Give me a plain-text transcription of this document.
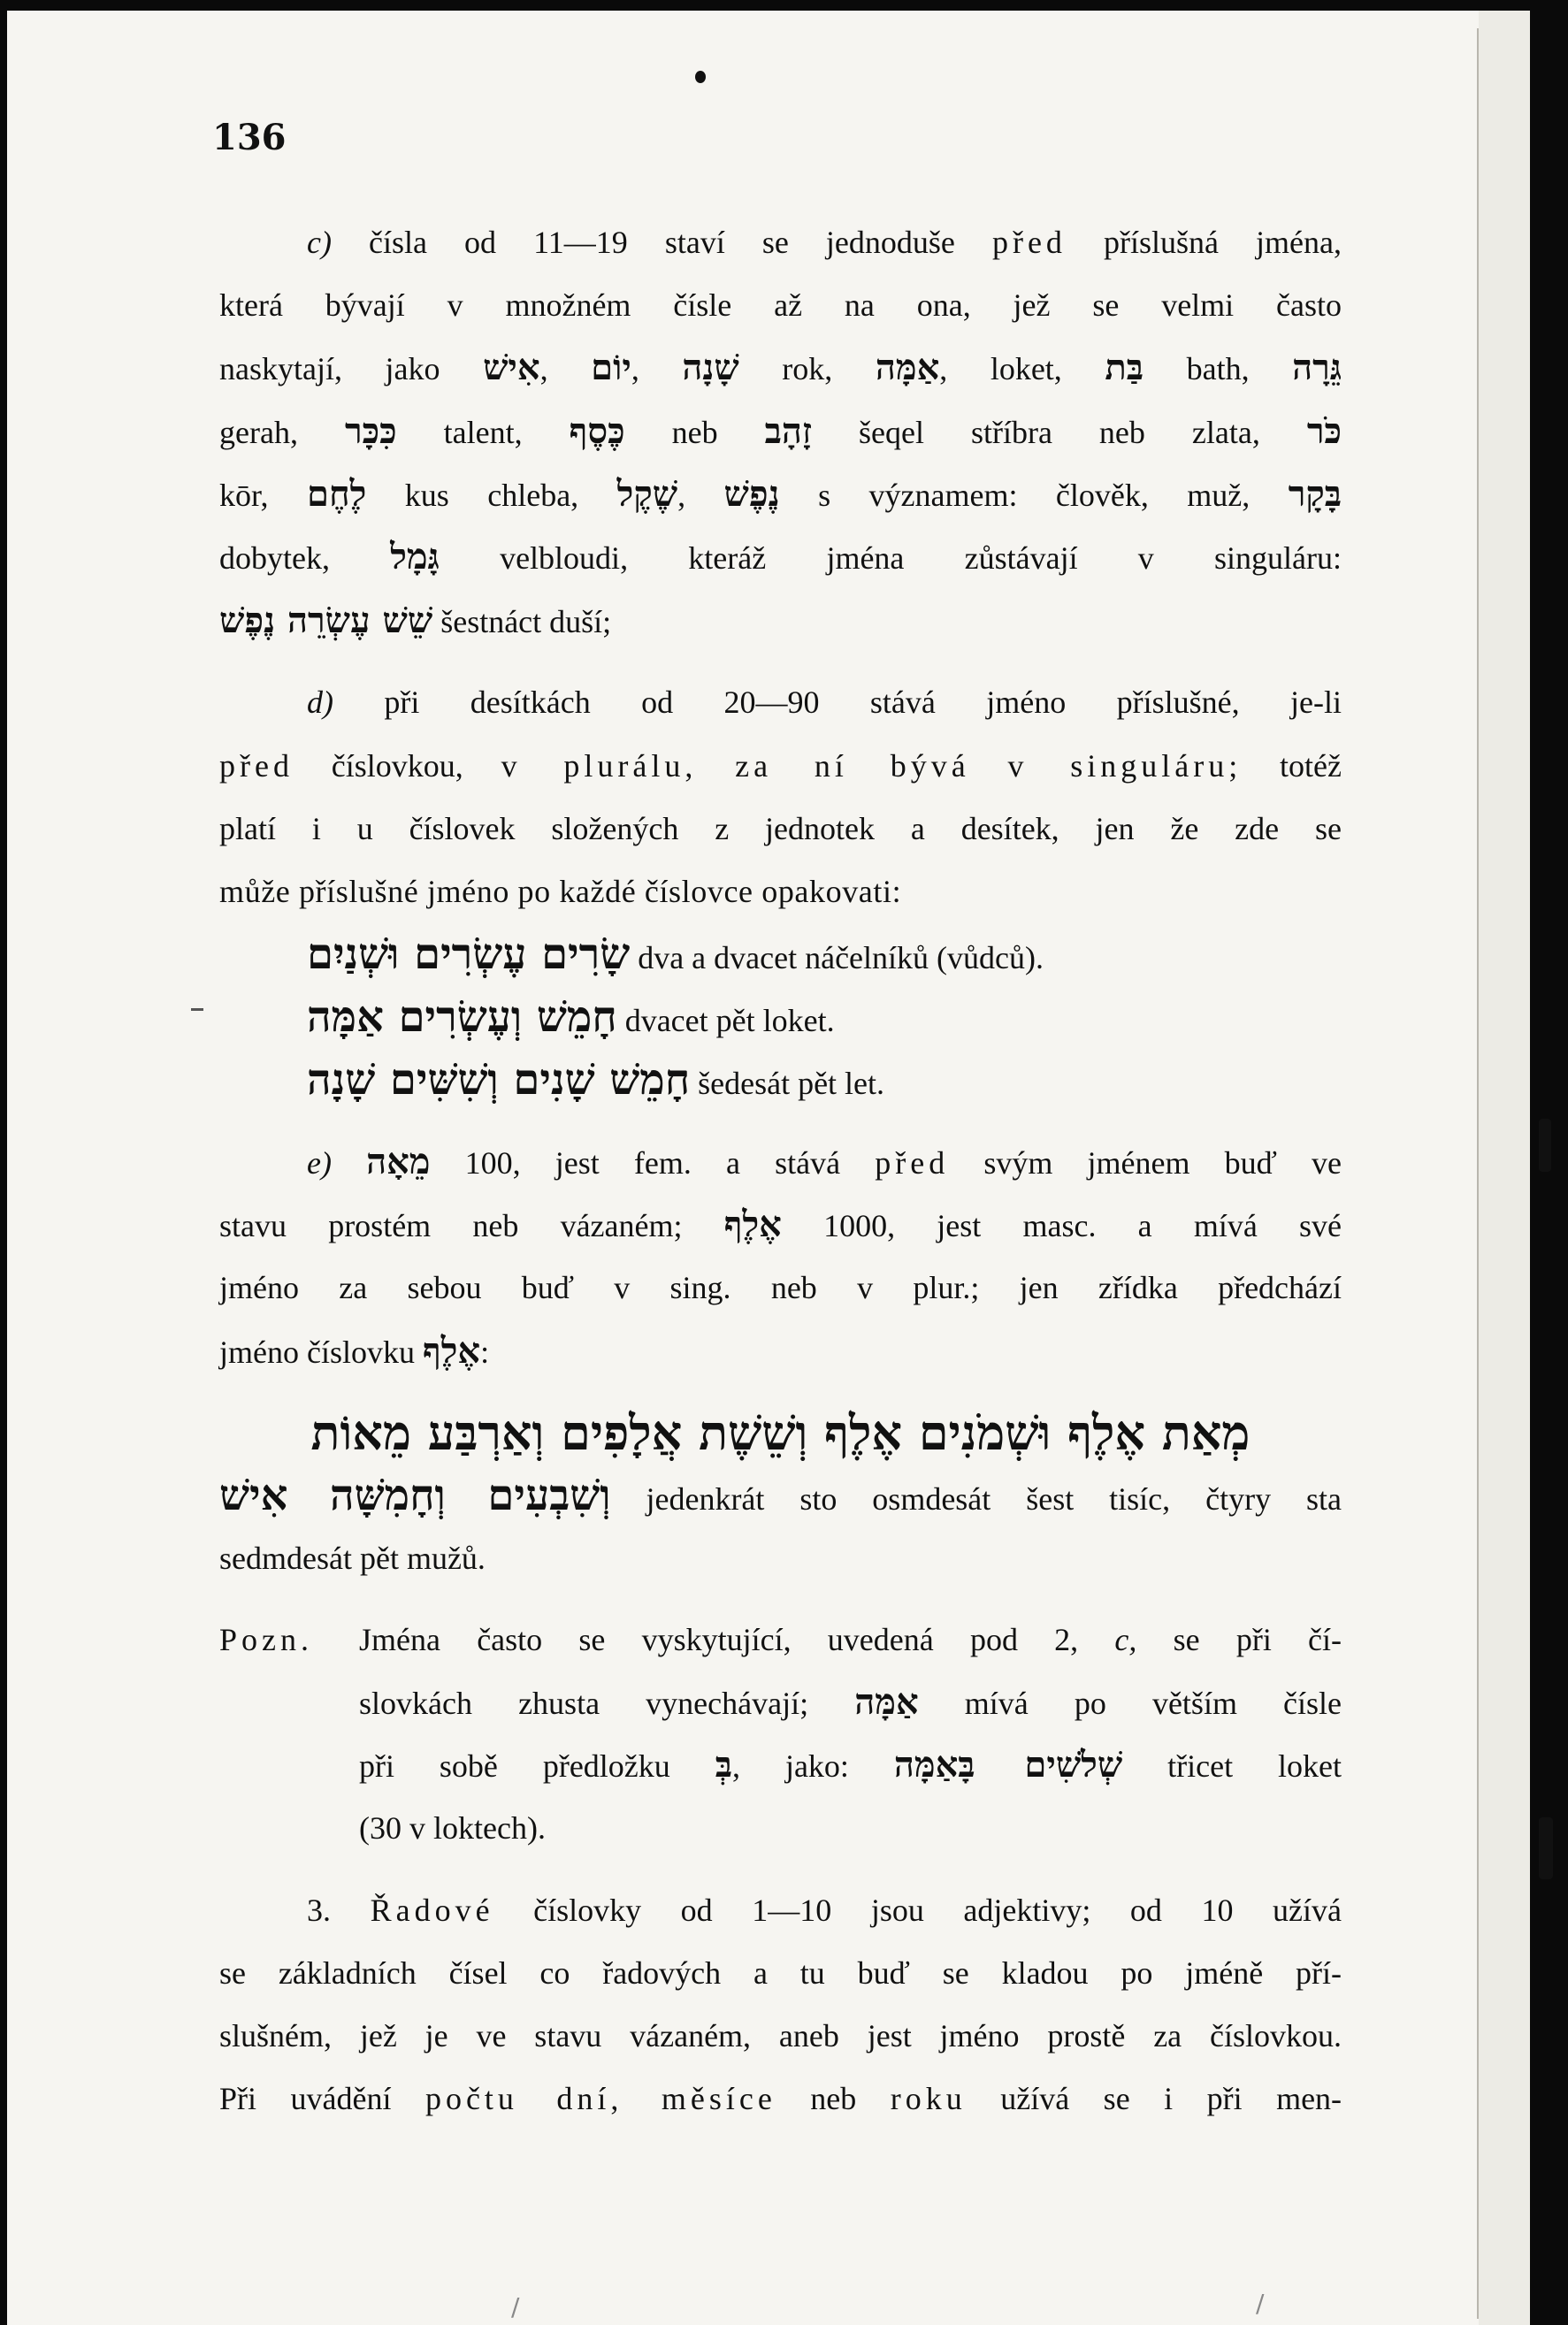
136
/	/
c) čísla od 11—19 staví se jednoduše před příslušná jména,
která bývají v množném čísle až na ona, jež se velmi často
naskytají, jako אִישׁ, יוֹם, שָׁנָה rok, אַמָּה, loket, בַּת bath, גֵּרָה
gerah, כִּכָּר talent, כֶּסֶף neb זָהָב šeqel stříbra neb zlata, כֹּר
kōr, לֶחֶם kus chleba, שֶׁקֶל, נֶפֶשׁ s významem: člověk, muž, בָּקָר
dobytek, גָּמָל velbloudi, kteráž jména zůstávají v singuláru:
שֵׁשׁ עֶשְׂרֵה נֶפֶשׁ šestnáct duší;
d) při desítkách od 20—90 stává jméno příslušné, je-li
před číslovkou, v plurálu, za ní bývá v singuláru; totéž
platí i u číslovek složených z jednotek a desítek, jen že zde se
může příslušné jméno po každé číslovce opakovati:
שָׂרִים עֶשְׂרִים וּשְׁנַיִם dva a dvacet náčelníků (vůdců).
חָמֵשׁ וְעֶשְׂרִים אַמָּה dvacet pět loket.
חָמֵשׁ שָׁנִים וְשִׁשִּׁים שָׁנָה šedesát pět let.
e) מֵאָה 100, jest fem. a stává před svým jménem buď ve
stavu prostém neb vázaném; אֶלֶף 1000, jest masc. a mívá své
jméno za sebou buď v sing. neb v plur.; jen zřídka předchází
jméno číslovku אֶלֶף:
מְאַת אֶלֶף וּשְׁמֹנִים אֶלֶף וְשֵׁשֶׁת אֲלָפִים וְאַרְבַּע מֵאוֹת
וְשִׁבְעִים וְחָמִשָּׁה אִישׁ jedenkrát sto osmdesát šest tisíc, čtyry sta
sedmdesát pět mužů.
Pozn. Jména často se vyskytující, uvedená pod 2, c, se při čí-
slovkách zhusta vynechávají; אַמָּה mívá po větším čísle
při sobě předložku בְּ, jako: שְׁלֹשִׁים בָּאַמָּה třicet loket
(30 v loktech).
3. Řadové číslovky od 1—10 jsou adjektivy; od 10 užívá
se základních čísel co řadových a tu buď se kladou po jméně pří-
slušném, jež je ve stavu vázaném, aneb jest jméno prostě za číslovkou.
Při uvádění počtu dní, měsíce neb roku užívá se i při men-
